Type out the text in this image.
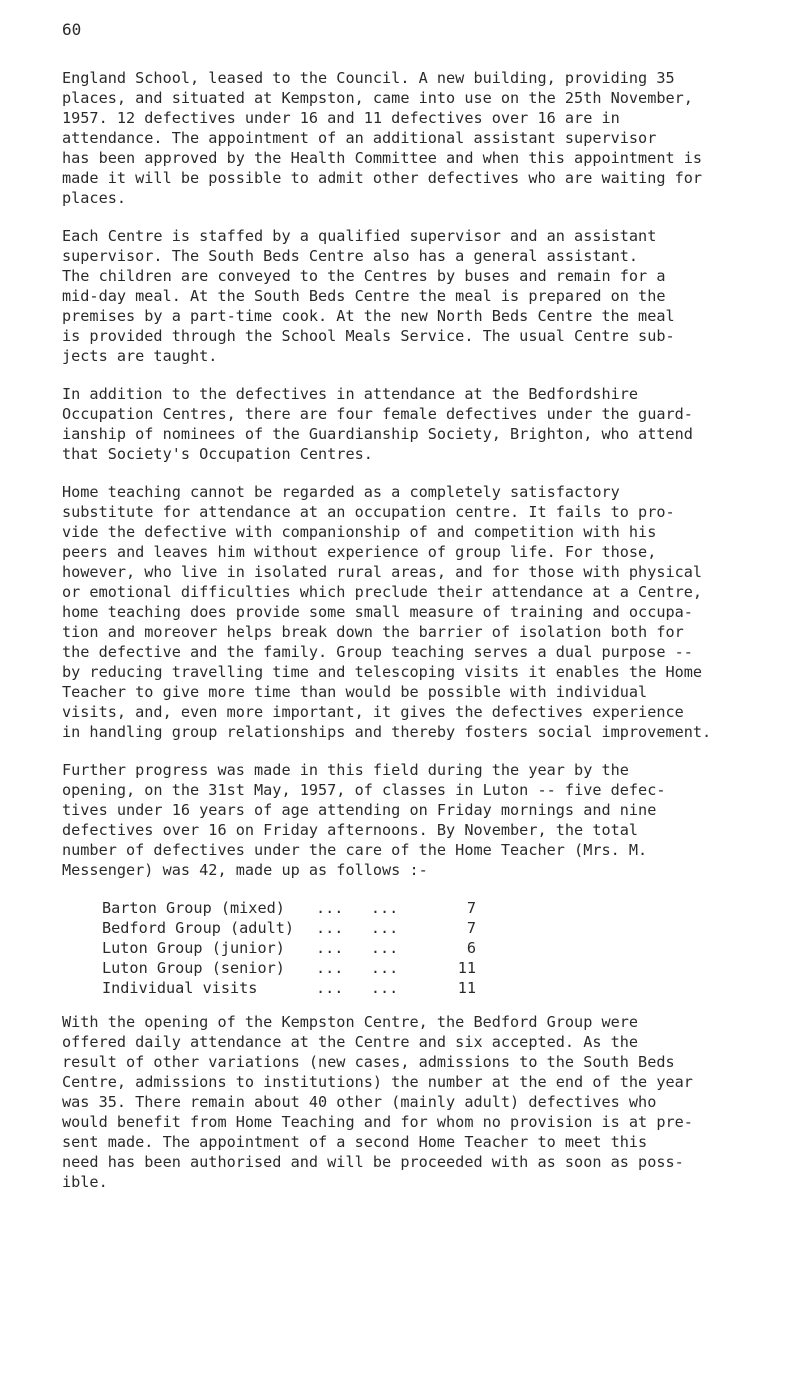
60
England School, leased to the Council. A new building, providing 35
places, and situated at Kempston, came into use on the 25th November,
1957. 12 defectives under 16 and 11 defectives over 16 are in
attendance. The appointment of an additional assistant supervisor
has been approved by the Health Committee and when this appointment is
made it will be possible to admit other defectives who are waiting for
places.
Each Centre is staffed by a qualified supervisor and an assistant
supervisor. The South Beds Centre also has a general assistant.
The children are conveyed to the Centres by buses and remain for a
mid-day meal. At the South Beds Centre the meal is prepared on the
premises by a part-time cook. At the new North Beds Centre the meal
is provided through the School Meals Service. The usual Centre sub-
jects are taught.
In addition to the defectives in attendance at the Bedfordshire
Occupation Centres, there are four female defectives under the guard-
ianship of nominees of the Guardianship Society, Brighton, who attend
that Society's Occupation Centres.
Home teaching cannot be regarded as a completely satisfactory
substitute for attendance at an occupation centre. It fails to pro-
vide the defective with companionship of and competition with his
peers and leaves him without experience of group life. For those,
however, who live in isolated rural areas, and for those with physical
or emotional difficulties which preclude their attendance at a Centre,
home teaching does provide some small measure of training and occupa-
tion and moreover helps break down the barrier of isolation both for
the defective and the family. Group teaching serves a dual purpose --
by reducing travelling time and telescoping visits it enables the Home
Teacher to give more time than would be possible with individual
visits, and, even more important, it gives the defectives experience
in handling group relationships and thereby fosters social improvement.
Further progress was made in this field during the year by the
opening, on the 31st May, 1957, of classes in Luton -- five defec-
tives under 16 years of age attending on Friday mornings and nine
defectives over 16 on Friday afternoons. By November, the total
number of defectives under the care of the Home Teacher (Mrs. M.
Messenger) was 42, made up as follows :-
Barton Group (mixed)	...   ...	7
Bedford Group (adult)	...   ...	7
Luton Group (junior)	...   ...	6
Luton Group (senior)	...   ...	11
Individual visits	...   ...	11
With the opening of the Kempston Centre, the Bedford Group were
offered daily attendance at the Centre and six accepted. As the
result of other variations (new cases, admissions to the South Beds
Centre, admissions to institutions) the number at the end of the year
was 35. There remain about 40 other (mainly adult) defectives who
would benefit from Home Teaching and for whom no provision is at pre-
sent made. The appointment of a second Home Teacher to meet this
need has been authorised and will be proceeded with as soon as poss-
ible.
